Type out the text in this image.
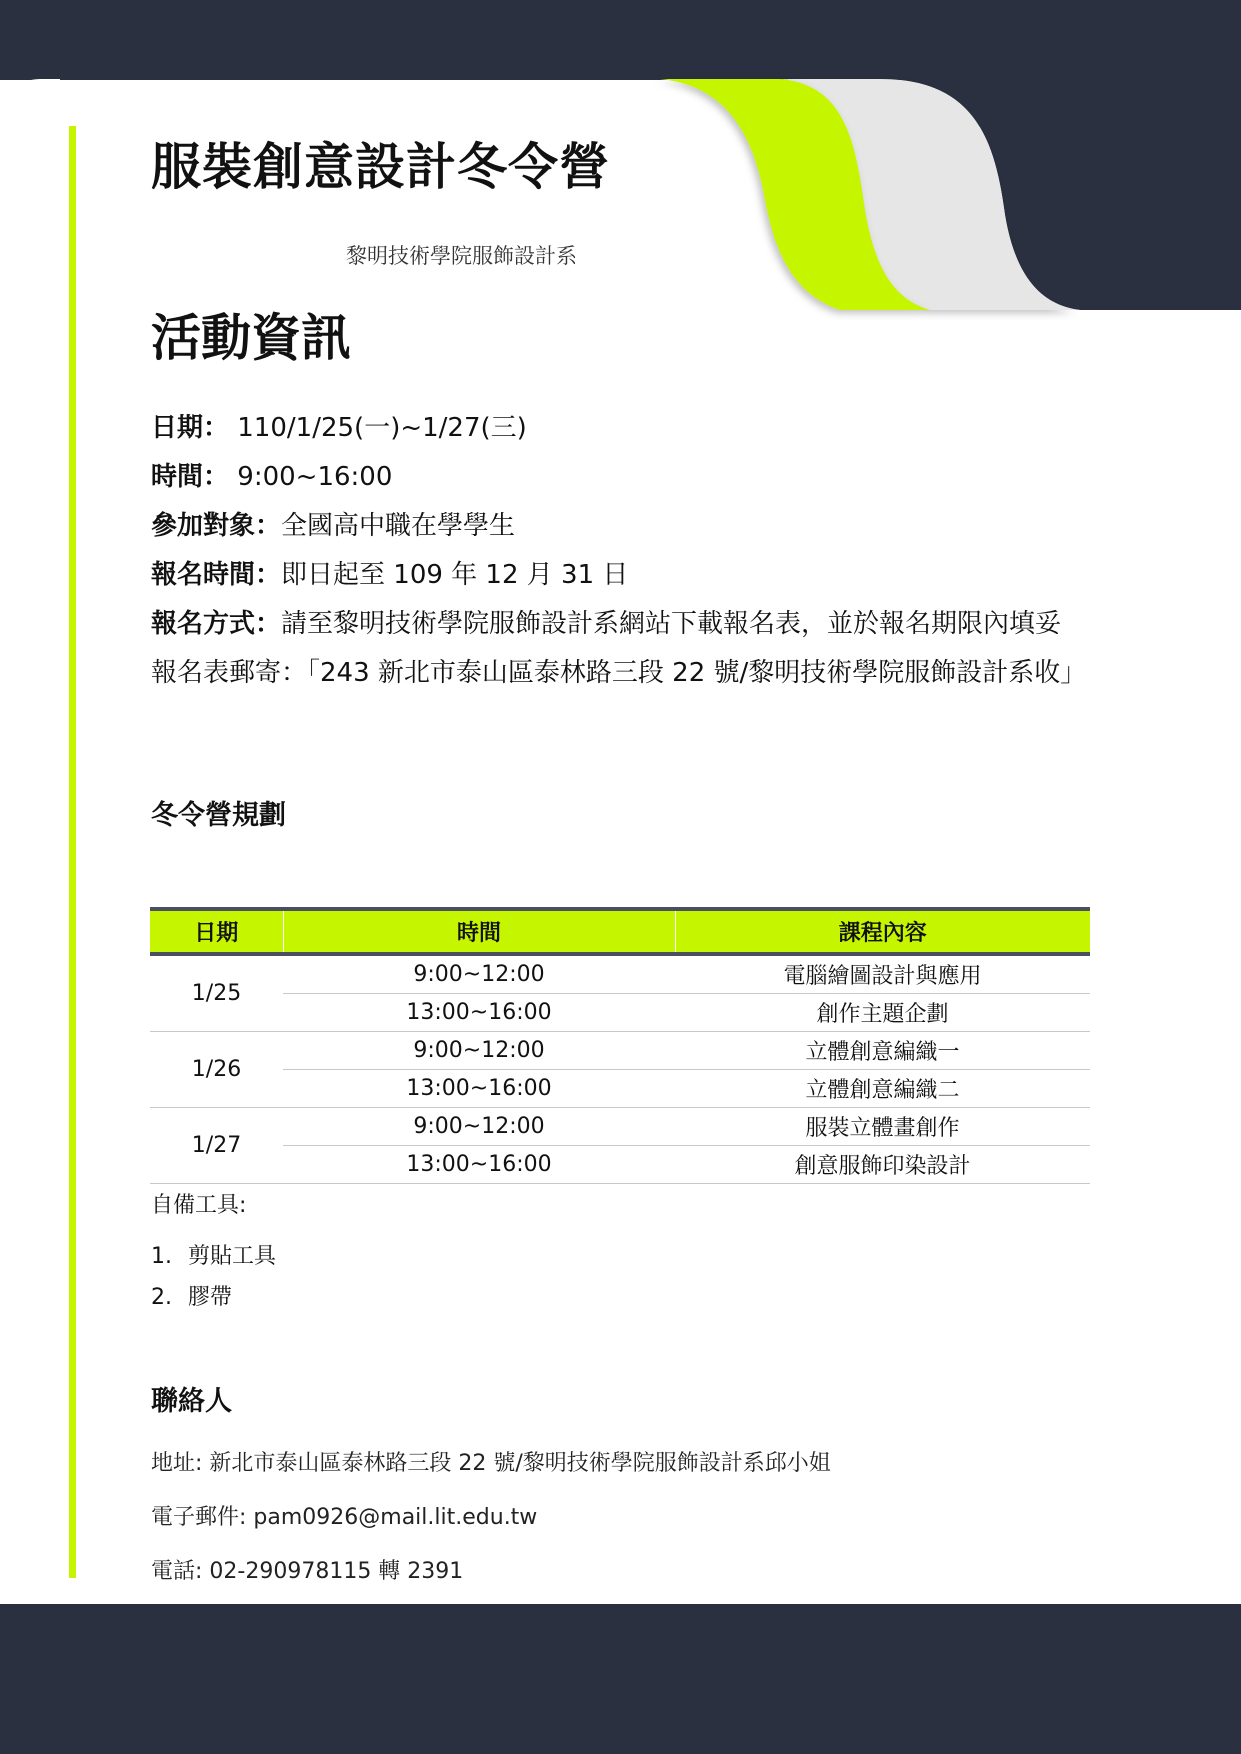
服裝創意設計冬令營
黎明技術學院服飾設計系
活動資訊

日期： 110/1/25(一)~1/27(三)

時間： 9:00~16:00

參加對象：全國高中職在學學生

報名時間：即日起至 109 年 12 月 31 日

報名方式：請至黎明技術學院服飾設計系網站下載報名表，並於報名期限內填妥報名表郵寄：「243 新北市泰山區泰林路三段 22 號/黎明技術學院服飾設計系收」

冬令營規劃
日期	時間	課程內容
1/25	9:00~12:00	電腦繪圖設計與應用
	13:00~16:00	創作主題企劃
1/26	9:00~12:00	立體創意編織一
	13:00~16:00	立體創意編織二
1/27	9:00~12:00	服裝立體畫創作
	13:00~16:00	創意服飾印染設計
自備工具:
1. 剪貼工具
2. 膠帶
聯絡人
地址: 新北市泰山區泰林路三段 22 號/黎明技術學院服飾設計系邱小姐
電子郵件: pam0926@mail.lit.edu.tw
電話: 02-290978115 轉 2391
